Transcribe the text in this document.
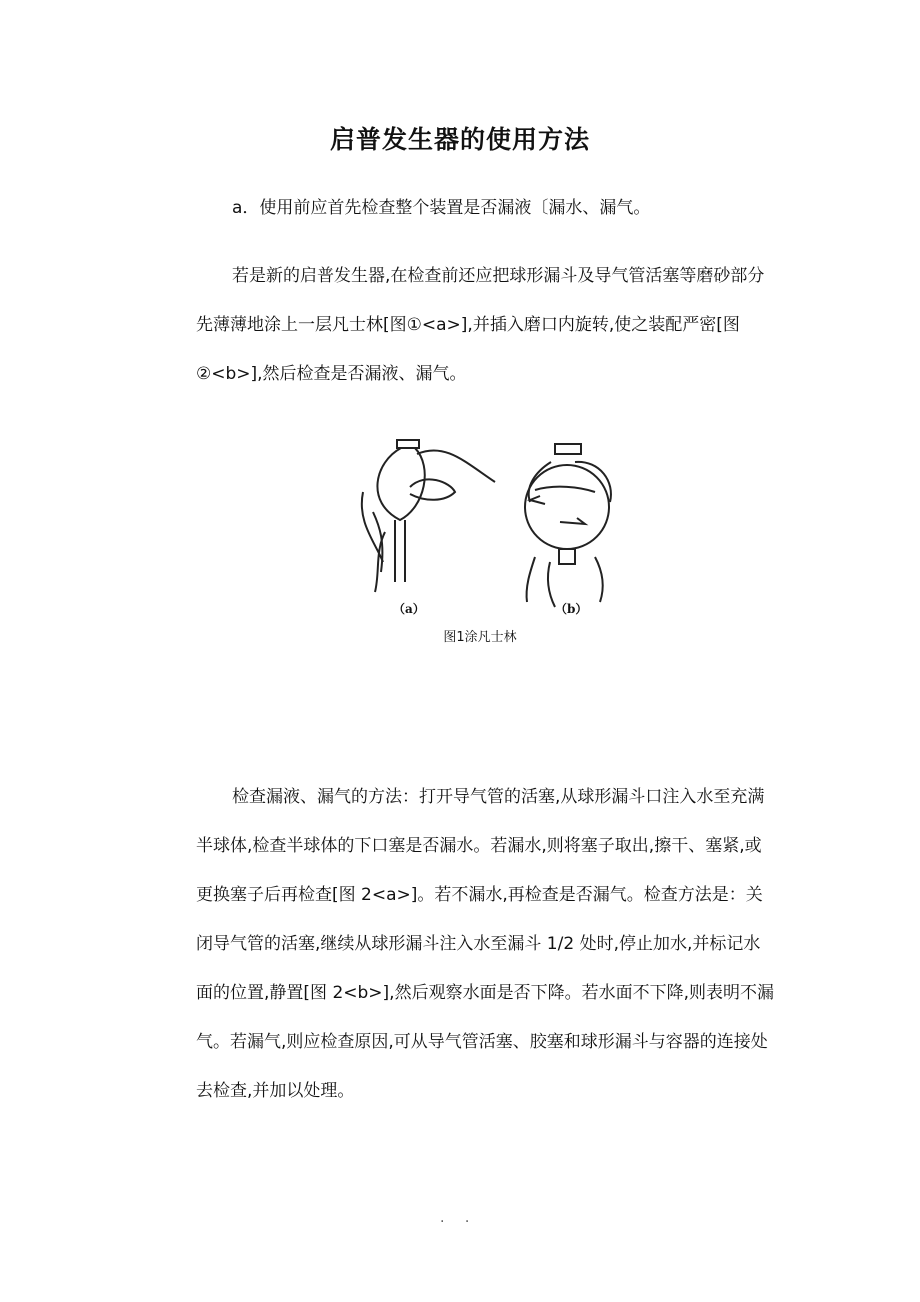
启普发生器的使用方法

a．使用前应首先检查整个装置是否漏液〔漏水、漏气。

若是新的启普发生器,在检查前还应把球形漏斗及导气管活塞等磨砂部分先薄薄地涂上一层凡士林[图①<a>],并插入磨口内旋转,使之装配严密[图②<b>],然后检查是否漏液、漏气。

（a）	（b）
图1涂凡士林

检查漏液、漏气的方法：打开导气管的活塞,从球形漏斗口注入水至充满半球体,检查半球体的下口塞是否漏水。若漏水,则将塞子取出,擦干、塞紧,或更换塞子后再检查[图 2<a>]。若不漏水,再检查是否漏气。检查方法是：关闭导气管的活塞,继续从球形漏斗注入水至漏斗 1/2 处时,停止加水,并标记水面的位置,静置[图 2<b>],然后观察水面是否下降。若水面不下降,则表明不漏气。若漏气,则应检查原因,可从导气管活塞、胶塞和球形漏斗与容器的连接处去检查,并加以处理。

. .
